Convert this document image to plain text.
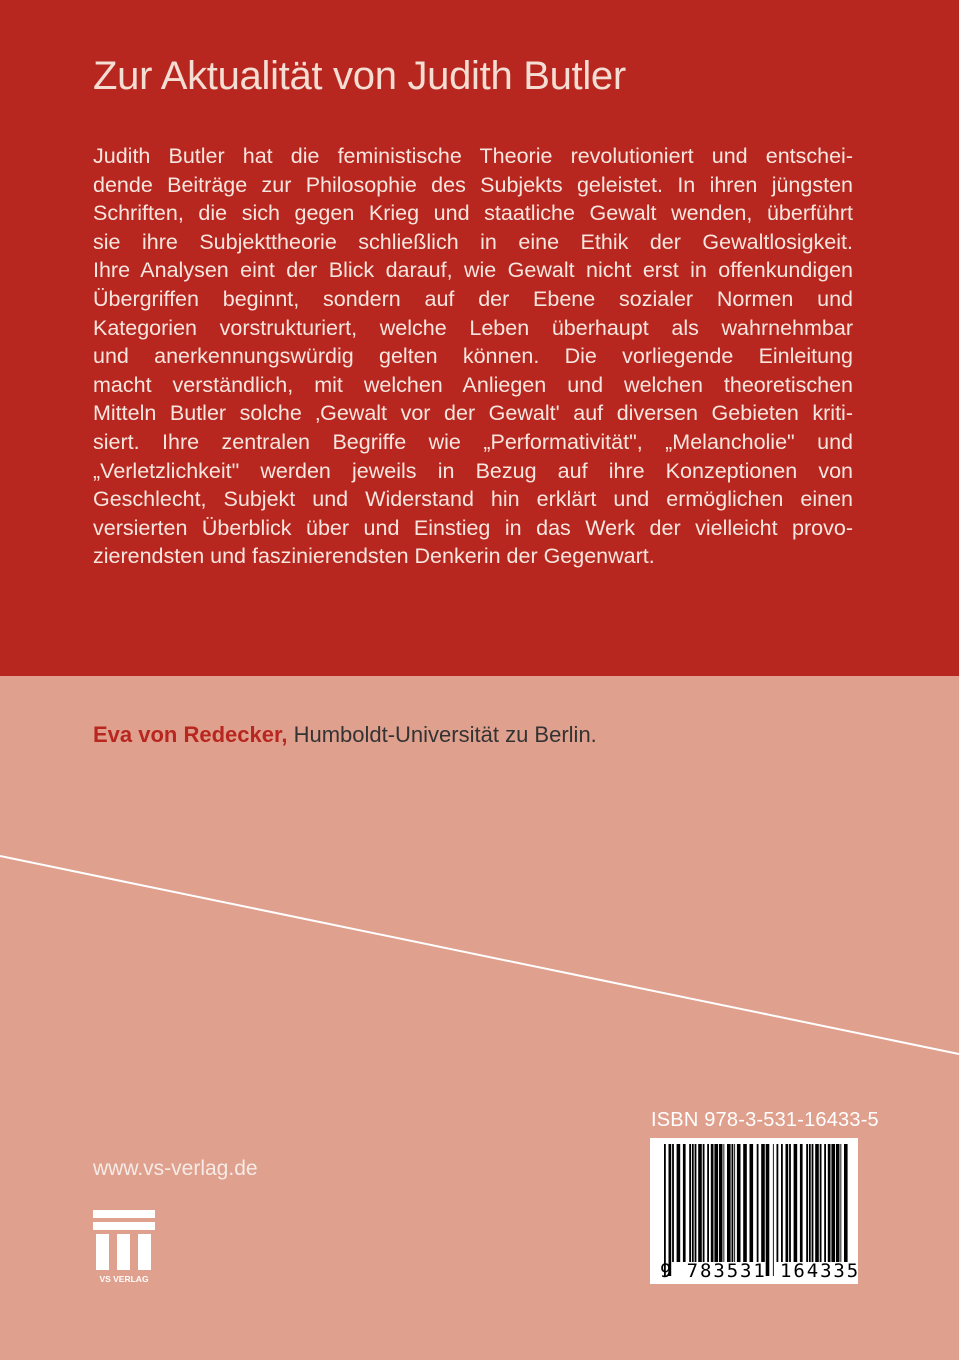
Zur Aktualität von Judith Butler
Judith Butler hat die feministische Theorie revolutioniert und entschei-
dende Beiträge zur Philosophie des Subjekts geleistet. In ihren jüngsten
Schriften, die sich gegen Krieg und staatliche Gewalt wenden, überführt
sie ihre Subjekttheorie schließlich in eine Ethik der Gewaltlosigkeit.
Ihre Analysen eint der Blick darauf, wie Gewalt nicht erst in offenkundigen
Übergriffen beginnt, sondern auf der Ebene sozialer Normen und
Kategorien vorstrukturiert, welche Leben überhaupt als wahrnehmbar
und anerkennungswürdig gelten können. Die vorliegende Einleitung
macht verständlich, mit welchen Anliegen und welchen theoretischen
Mitteln Butler solche ‚Gewalt vor der Gewalt' auf diversen Gebieten kriti-
siert. Ihre zentralen Begriffe wie „Performativität", „Melancholie" und
„Verletzlichkeit" werden jeweils in Bezug auf ihre Konzeptionen von
Geschlecht, Subjekt und Widerstand hin erklärt und ermöglichen einen
versierten Überblick über und Einstieg in das Werk der vielleicht provo-
zierendsten und faszinierendsten Denkerin der Gegenwart.
Eva von Redecker, Humboldt-Universität zu Berlin.
ISBN 978-3-531-16433-5
www.vs-verlag.de
VS VERLAG	9 783531 164335
